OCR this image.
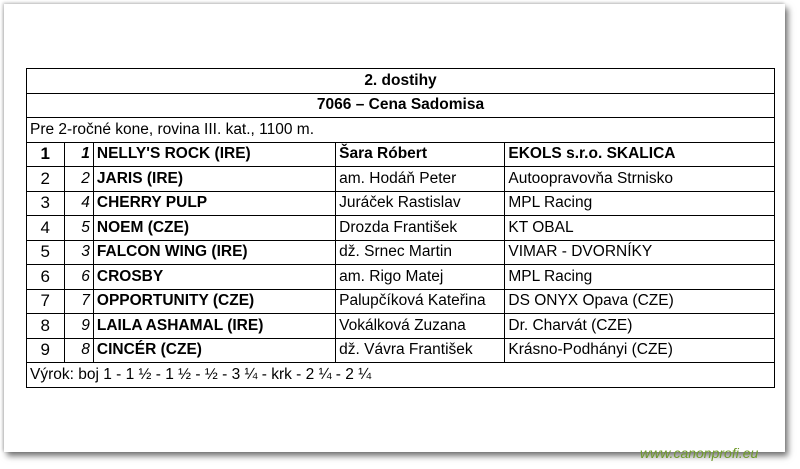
2. dostihy				
7066 – Cena Sadomisa				
Pre 2-ročné kone, rovina III. kat., 1100 m.				
1	1	NELLY'S ROCK (IRE)	Šara Róbert	EKOLS s.r.o. SKALICA
2	2	JARIS (IRE)	am. Hodáň Peter	Autoopravovňa Strnisko
3	4	CHERRY PULP	Juráček Rastislav	MPL Racing
4	5	NOEM (CZE)	Drozda František	KT OBAL
5	3	FALCON WING (IRE)	dž. Srnec Martin	VIMAR - DVORNÍKY
6	6	CROSBY	am. Rigo Matej	MPL Racing
7	7	OPPORTUNITY (CZE)	Palupčíková Kateřina	DS ONYX Opava (CZE)
8	9	LAILA ASHAMAL (IRE)	Vokálková Zuzana	Dr. Charvát (CZE)
9	8	CINCÉR (CZE)	dž. Vávra František	Krásno-Podhányi (CZE)
Výrok: boj 1 - 1 ½ - 1 ½ - ½ - 3 ¼ - krk - 2 ¼ - 2 ¼				
www.canonprofi.eu
